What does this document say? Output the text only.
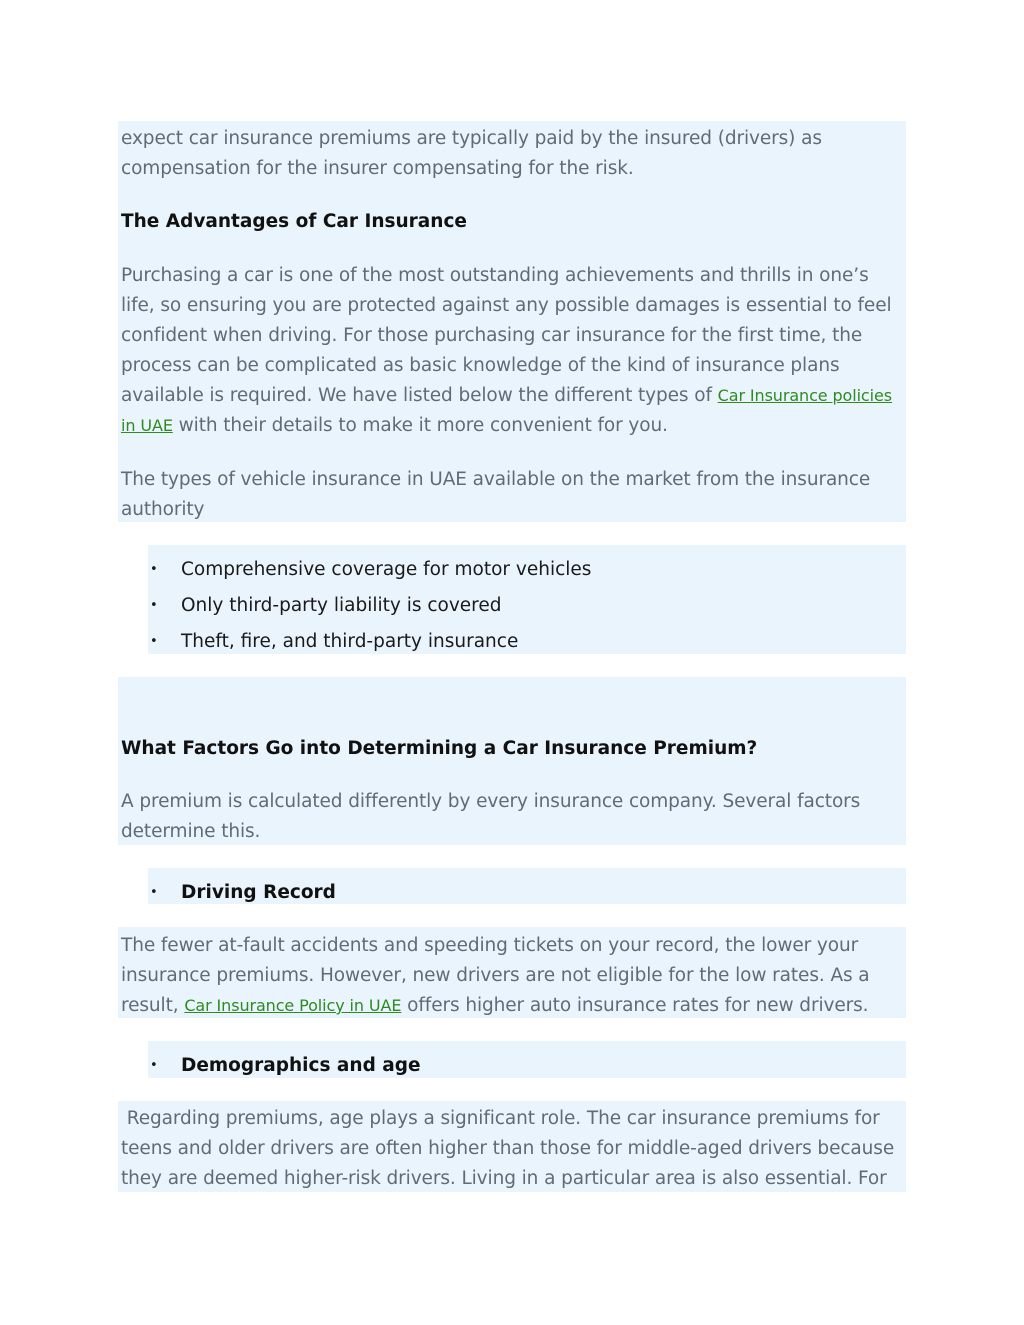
expect car insurance premiums are typically paid by the insured (drivers) as compensation for the insurer compensating for the risk.

The Advantages of Car Insurance

Purchasing a car is one of the most outstanding achievements and thrills in one’s life, so ensuring you are protected against any possible damages is essential to feel confident when driving. For those purchasing car insurance for the first time, the process can be complicated as basic knowledge of the kind of insurance plans available is required. We have listed below the different types of Car Insurance policies in UAE with their details to make it more convenient for you.

The types of vehicle insurance in UAE available on the market from the insurance authority

• Comprehensive coverage for motor vehicles
• Only third-party liability is covered
• Theft, fire, and third-party insurance
What Factors Go into Determining a Car Insurance Premium?

A premium is calculated differently by every insurance company. Several factors determine this.

• Driving Record

The fewer at-fault accidents and speeding tickets on your record, the lower your insurance premiums. However, new drivers are not eligible for the low rates. As a result, Car Insurance Policy in UAE offers higher auto insurance rates for new drivers.

• Demographics and age

Regarding premiums, age plays a significant role. The car insurance premiums for teens and older drivers are often higher than those for middle-aged drivers because they are deemed higher-risk drivers. Living in a particular area is also essential. For
